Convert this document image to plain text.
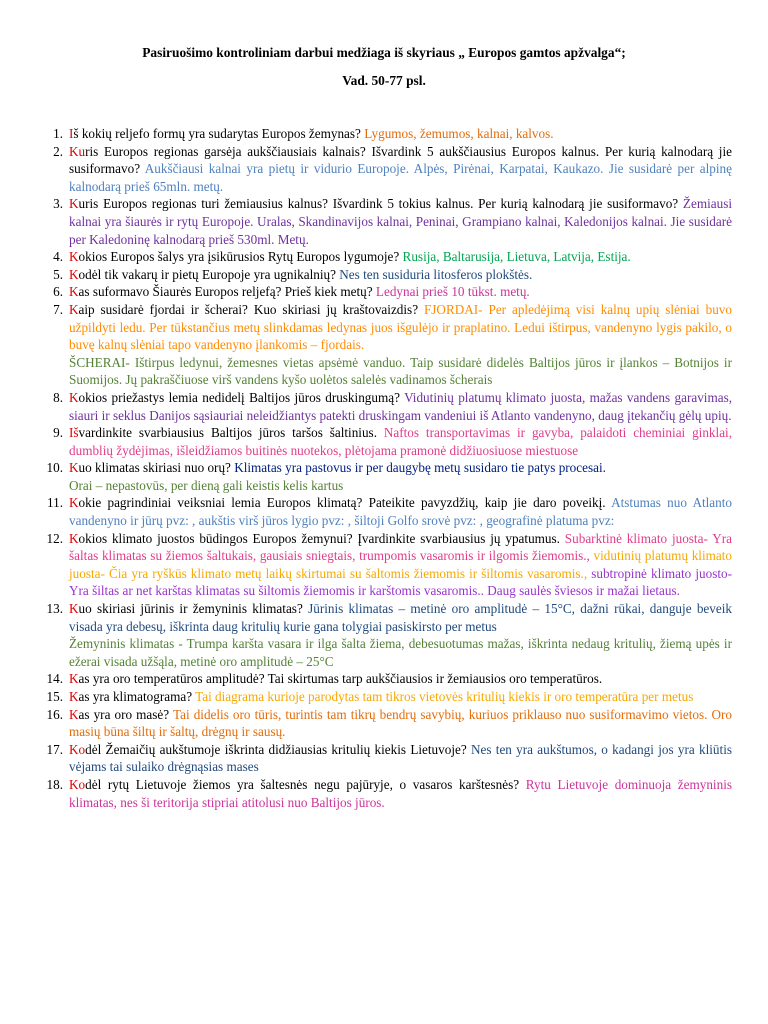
Pasiruošimo kontroliniam darbui medžiaga iš skyriaus „ Europos gamtos apžvalga“;
Vad. 50-77 psl.
1. Iš kokių reljefo formų yra sudarytas Europos žemynas? Lygumos, žemumos, kalnai, kalvos.
2. Kuris Europos regionas garsėja aukščiausiais kalnais? Išvardink 5 aukščiausius Europos kalnus. Per kurią kalnodarą jie susiformavo? Aukščiausi kalnai yra pietų ir vidurio Europoje. Alpės, Pirėnai, Karpatai, Kaukazo. Jie susidarė per alpinę kalnodarą prieš 65mln. metų.
3. Kuris Europos regionas turi žemiausius kalnus? Išvardink 5 tokius kalnus. Per kurią kalnodarą jie susiformavo? Žemiausi kalnai yra šiaurės ir rytų Europoje. Uralas, Skandinavijos kalnai, Peninai, Grampiano kalnai, Kaledonijos kalnai. Jie susidarė per Kaledoninę kalnodarą prieš 530ml. Metų.
4. Kokios Europos šalys yra įsikūrusios Rytų Europos lygumoje? Rusija, Baltarusija, Lietuva, Latvija, Estija.
5. Kodėl tik vakarų ir pietų Europoje yra ugnikalnių? Nes ten susiduria litosferos plokštės.
6. Kas suformavo Šiaurės Europos reljefą? Prieš kiek metų? Ledynai prieš 10 tūkst. metų.
7. Kaip susidarė fjordai ir šcherai? Kuo skiriasi jų kraštovaizdis? FJORDAI- Per apledėjimą visi kalnų upių slėniai buvo užpildyti ledu. Per tūkstančius metų slinkdamas ledynas juos išgulėjo ir praplatino. Ledui ištirpus, vandenyno lygis pakilo, o buvę kalnų slėniai tapo vandenyno įlankomis – fjordais.
ŠCHERAI- Ištirpus ledynui, žemesnes vietas apsėmė vanduo. Taip susidarė didelės Baltijos jūros ir įlankos – Botnijos ir Suomijos. Jų pakraščiuose virš vandens kyšo uolėtos salelės vadinamos šcherais
8. Kokios priežastys lemia nedidelį Baltijos jūros druskingumą? Vidutinių platumų klimato juosta, mažas vandens garavimas, siauri ir seklus Danijos sąsiauriai neleidžiantys patekti druskingam vandeniui iš Atlanto vandenyno, daug įtekančių gėlų upių.
9. Išvardinkite svarbiausius Baltijos jūros taršos šaltinius. Naftos transportavimas ir gavyba, palaidoti cheminiai ginklai, dumblių žydėjimas, išleidžiamos buitinės nuotekos, plėtojama pramonė didžiuosiuose miestuose
10. Kuo klimatas skiriasi nuo orų? Klimatas yra pastovus ir per daugybę metų susidaro tie patys procesai.
Orai – nepastovūs, per dieną gali keistis kelis kartus
11. Kokie pagrindiniai veiksniai lemia Europos klimatą? Pateikite pavyzdžių, kaip jie daro poveikį. Atstumas nuo Atlanto vandenyno ir jūrų pvz: , aukštis virš jūros lygio pvz: , šiltoji Golfo srovė pvz: , geografinė platuma pvz:
12. Kokios klimato juostos būdingos Europos žemynui? Įvardinkite svarbiausius jų ypatumus. Subarktinė klimato juosta- Yra šaltas klimatas su žiemos šaltukais, gausiais sniegtais, trumpomis vasaromis ir ilgomis žiemomis., vidutinių platumų klimato juosta- Čia yra ryškūs klimato metų laikų skirtumai su šaltomis žiemomis ir šiltomis vasaromis., subtropinė klimato juosto- Yra šiltas ar net karštas klimatas su šiltomis žiemomis ir karštomis vasaromis.. Daug saulės šviesos ir mažai lietaus.
13. Kuo skiriasi jūrinis ir žemyninis klimatas? Jūrinis klimatas – metinė oro amplitudė – 15°C, dažni rūkai, danguje beveik visada yra debesų, iškrinta daug kritulių kurie gana tolygiai pasiskirsto per metus
Žemyninis klimatas - Trumpa karšta vasara ir ilga šalta žiema, debesuotumas mažas, iškrinta nedaug kritulių, žiemą upės ir ežerai visada užšąla, metinė oro amplitudė – 25°C
14. Kas yra oro temperatūros amplitudė? Tai skirtumas tarp aukščiausios ir žemiausios oro temperatūros.
15. Kas yra klimatograma? Tai diagrama kurioje parodytas tam tikros vietovės kritulių kiekis ir oro temperatūra per metus
16. Kas yra oro masė? Tai didelis oro tūris, turintis tam tikrų bendrų savybių, kuriuos priklauso nuo susiformavimo vietos. Oro masių būna šiltų ir šaltų, drėgnų ir sausų.
17. Kodėl Žemaičių aukštumoje iškrinta didžiausias kritulių kiekis Lietuvoje? Nes ten yra aukštumos, o kadangi jos yra kliūtis vėjams tai sulaiko drėgnąsias mases
18. Kodėl rytų Lietuvoje žiemos yra šaltesnės negu pajūryje, o vasaros karštesnės? Rytu Lietuvoje dominuoja žemyninis klimatas, nes ši teritorija stipriai atitolusi nuo Baltijos jūros.
